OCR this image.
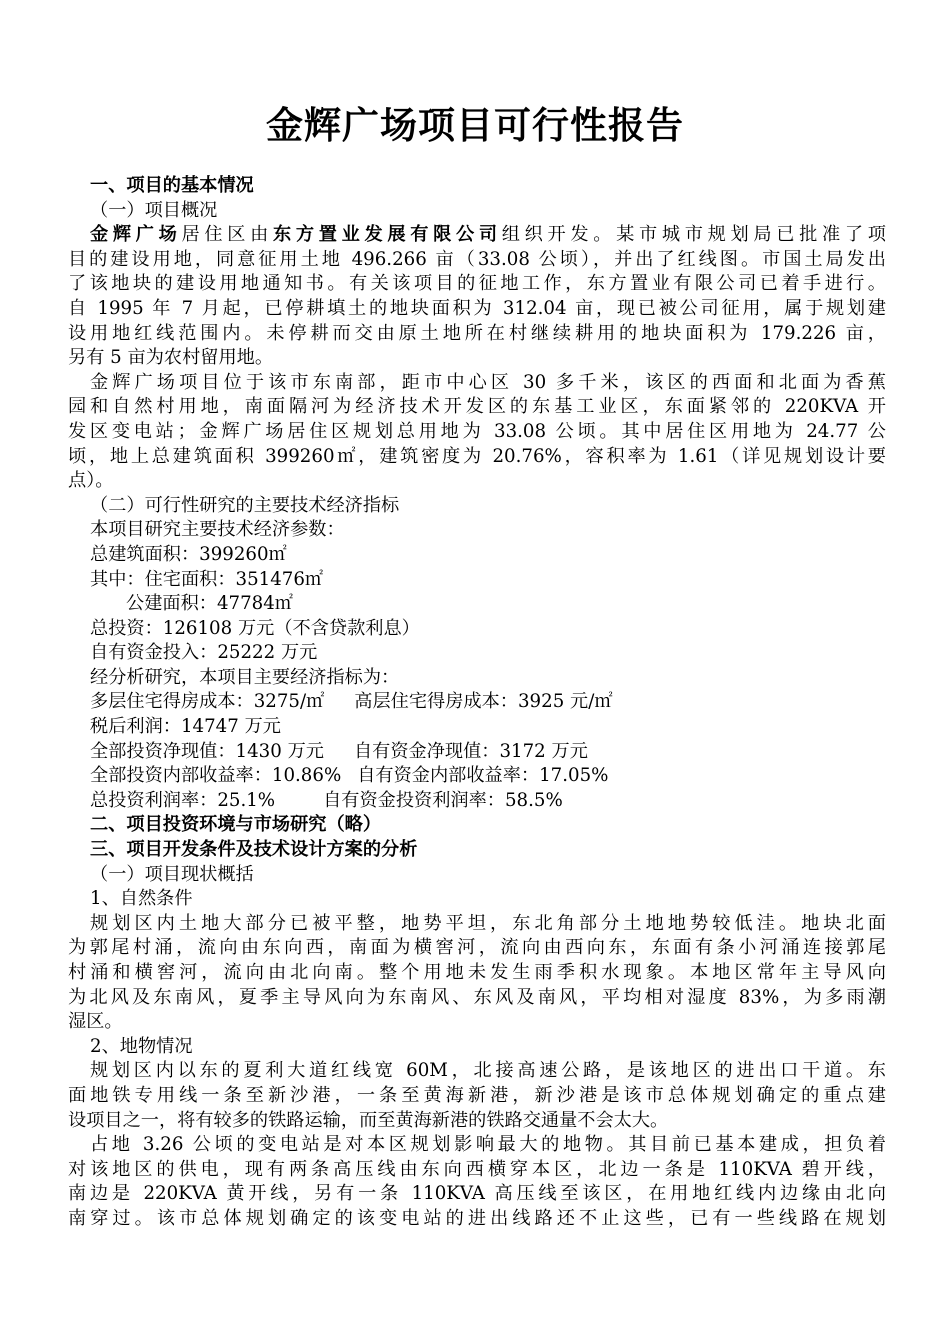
金辉广场项目可行性报告
一、项目的基本情况
（一）项目概况
金辉广场居住区由东方置业发展有限公司组织开发。某市城市规划局已批准了项
目的建设用地，同意征用土地 496.266 亩（33.08 公顷），并出了红线图。市国土局发出
了该地块的建设用地通知书。有关该项目的征地工作，东方置业有限公司已着手进行。
自 1995 年 7 月起，已停耕填土的地块面积为 312.04 亩，现已被公司征用，属于规划建
设用地红线范围内。未停耕而交由原土地所在村继续耕用的地块面积为 179.226 亩，
另有 5 亩为农村留用地。
金辉广场项目位于该市东南部，距市中心区 30 多千米，该区的西面和北面为香蕉
园和自然村用地，南面隔河为经济技术开发区的东基工业区，东面紧邻的 220KVA 开
发区变电站；金辉广场居住区规划总用地为 33.08 公顷。其中居住区用地为 24.77 公
顷，地上总建筑面积 399260㎡，建筑密度为 20.76%，容积率为 1.61（详见规划设计要
点）。
（二）可行性研究的主要技术经济指标
本项目研究主要技术经济参数：
总建筑面积：399260㎡
其中：住宅面积：351476㎡
公建面积：47784㎡
总投资：126108 万元（不含贷款利息）
自有资金投入：25222 万元
经分析研究，本项目主要经济指标为：
多层住宅得房成本：3275/㎡ 高层住宅得房成本：3925 元/㎡
税后利润：14747 万元
全部投资净现值：1430 万元 自有资金净现值：3172 万元
全部投资内部收益率：10.86% 自有资金内部收益率：17.05%
总投资利润率：25.1%	自有资金投资利润率：58.5%
二、项目投资环境与市场研究（略）
三、项目开发条件及技术设计方案的分析
（一）项目现状概括
1、自然条件
规划区内土地大部分已被平整，地势平坦，东北角部分土地地势较低洼。地块北面
为郭尾村涌，流向由东向西，南面为横窖河，流向由西向东，东面有条小河涌连接郭尾
村涌和横窖河，流向由北向南。整个用地未发生雨季积水现象。本地区常年主导风向
为北风及东南风，夏季主导风向为东南风、东风及南风，平均相对湿度 83%，为多雨潮
湿区。
2、地物情况
规划区内以东的夏利大道红线宽 60M，北接高速公路，是该地区的进出口干道。东
面地铁专用线一条至新沙港，一条至黄海新港，新沙港是该市总体规划确定的重点建
设项目之一，将有较多的铁路运输，而至黄海新港的铁路交通量不会太大。
占地 3.26 公顷的变电站是对本区规划影响最大的地物。其目前已基本建成，担负着
对该地区的供电，现有两条高压线由东向西横穿本区，北边一条是 110KVA 碧开线，
南边是 220KVA 黄开线，另有一条 110KVA 高压线至该区，在用地红线内边缘由北向
南穿过。该市总体规划确定的该变电站的进出线路还不止这些，已有一些线路在规划
